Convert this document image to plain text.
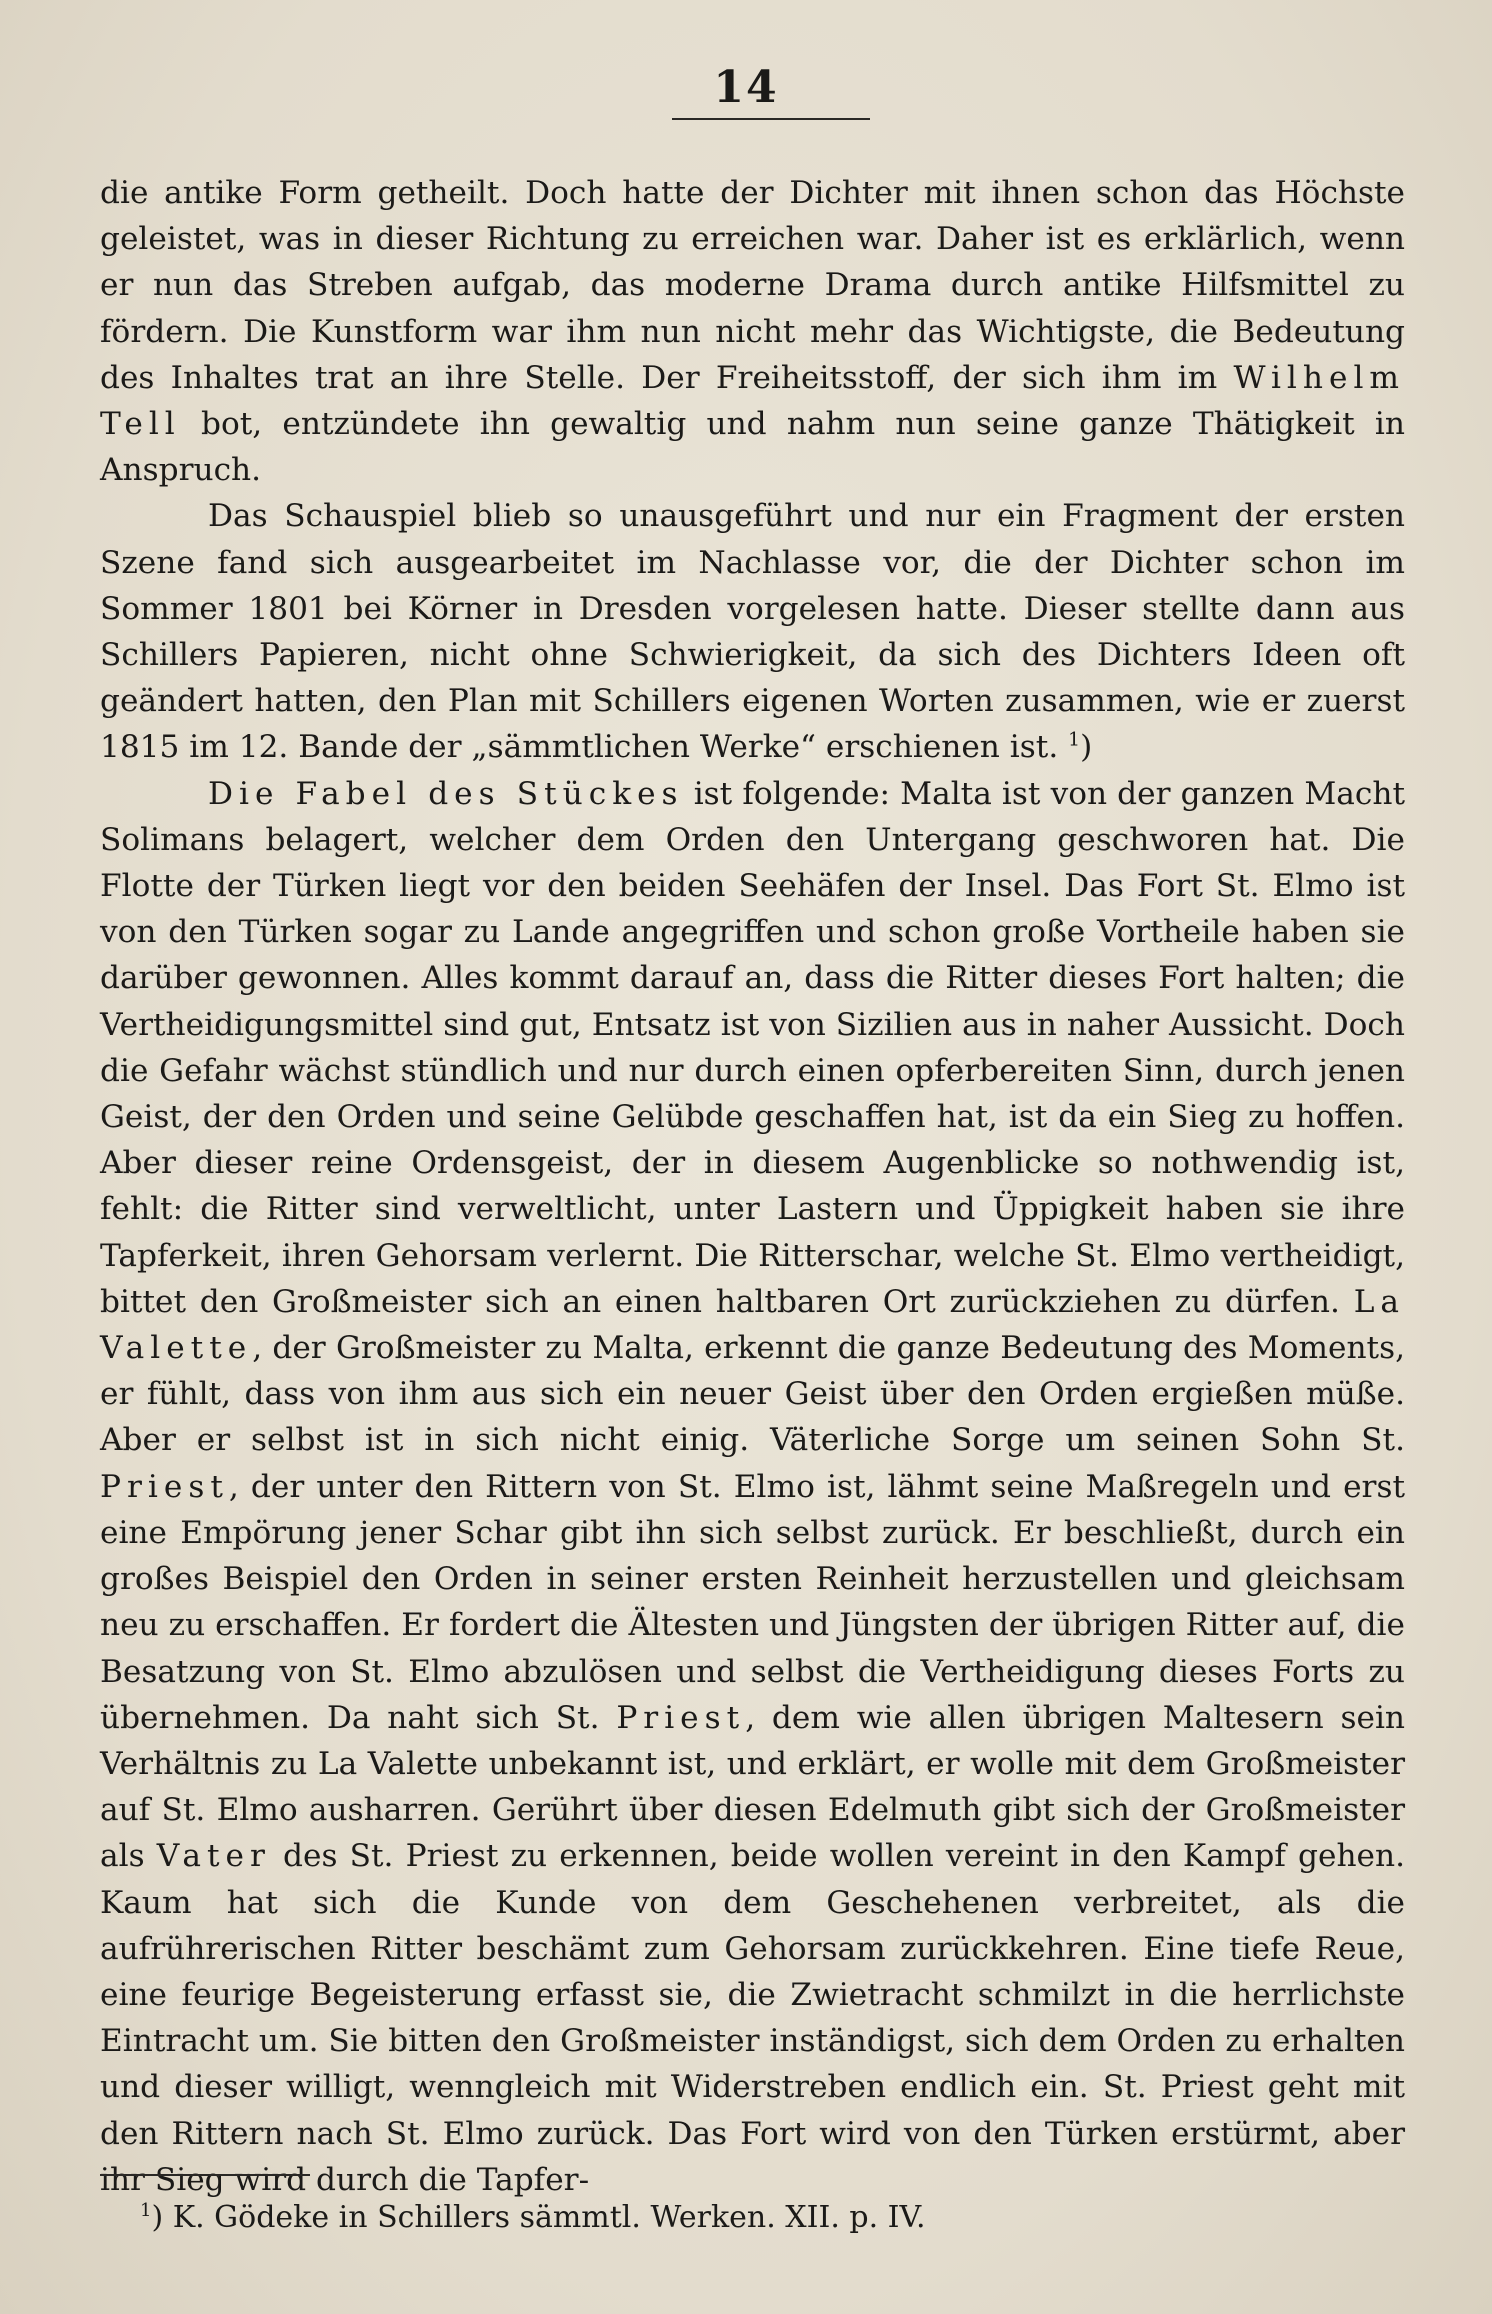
14

die antike Form getheilt. Doch hatte der Dichter mit ihnen schon das Höchste geleistet, was in dieser Richtung zu erreichen war. Daher ist es erklärlich, wenn er nun das Streben aufgab, das moderne Drama durch antike Hilfsmittel zu fördern. Die Kunstform war ihm nun nicht mehr das Wichtigste, die Bedeutung des Inhaltes trat an ihre Stelle. Der Freiheitsstoff, der sich ihm im Wilhelm Tell bot, entzündete ihn gewaltig und nahm nun seine ganze Thätigkeit in Anspruch.

Das Schauspiel blieb so unausgeführt und nur ein Fragment der ersten Szene fand sich ausgearbeitet im Nachlasse vor, die der Dichter schon im Sommer 1801 bei Körner in Dresden vorgelesen hatte. Dieser stellte dann aus Schillers Papieren, nicht ohne Schwierigkeit, da sich des Dichters Ideen oft geändert hatten, den Plan mit Schillers eigenen Worten zusammen, wie er zuerst 1815 im 12. Bande der „sämmtlichen Werke“ erschienen ist. $^1$)

Die Fabel des Stückes ist folgende: Malta ist von der ganzen Macht Solimans belagert, welcher dem Orden den Untergang geschworen hat. Die Flotte der Türken liegt vor den beiden Seehäfen der Insel. Das Fort St. Elmo ist von den Türken sogar zu Lande angegriffen und schon große Vortheile haben sie darüber gewonnen. Alles kommt darauf an, dass die Ritter dieses Fort halten; die Vertheidigungsmittel sind gut, Entsatz ist von Sizilien aus in naher Aussicht. Doch die Gefahr wächst stündlich und nur durch einen opferbereiten Sinn, durch jenen Geist, der den Orden und seine Gelübde geschaffen hat, ist da ein Sieg zu hoffen. Aber dieser reine Ordensgeist, der in diesem Augenblicke so nothwendig ist, fehlt: die Ritter sind verweltlicht, unter Lastern und Üppigkeit haben sie ihre Tapferkeit, ihren Gehorsam verlernt. Die Ritterschar, welche St. Elmo vertheidigt, bittet den Großmeister sich an einen haltbaren Ort zurückziehen zu dürfen. La Valette, der Großmeister zu Malta, erkennt die ganze Bedeutung des Moments, er fühlt, dass von ihm aus sich ein neuer Geist über den Orden ergießen müße. Aber er selbst ist in sich nicht einig. Väterliche Sorge um seinen Sohn St. Priest, der unter den Rittern von St. Elmo ist, lähmt seine Maßregeln und erst eine Empörung jener Schar gibt ihn sich selbst zurück. Er beschließt, durch ein großes Beispiel den Orden in seiner ersten Reinheit herzustellen und gleichsam neu zu erschaffen. Er fordert die Ältesten und Jüngsten der übrigen Ritter auf, die Besatzung von St. Elmo abzulösen und selbst die Vertheidigung dieses Forts zu übernehmen. Da naht sich St. Priest, dem wie allen übrigen Maltesern sein Verhältnis zu La Valette unbekannt ist, und erklärt, er wolle mit dem Großmeister auf St. Elmo ausharren. Gerührt über diesen Edelmuth gibt sich der Großmeister als Vater des St. Priest zu erkennen, beide wollen vereint in den Kampf gehen. Kaum hat sich die Kunde von dem Geschehenen verbreitet, als die aufrührerischen Ritter beschämt zum Gehorsam zurückkehren. Eine tiefe Reue, eine feurige Begeisterung erfasst sie, die Zwietracht schmilzt in die herrlichste Eintracht um. Sie bitten den Großmeister inständigst, sich dem Orden zu erhalten und dieser willigt, wenngleich mit Widerstreben endlich ein. St. Priest geht mit den Rittern nach St. Elmo zurück. Das Fort wird von den Türken erstürmt, aber ihr Sieg wird durch die Tapfer-

$^1$) K. Gödeke in Schillers sämmtl. Werken. XII. p. IV.
